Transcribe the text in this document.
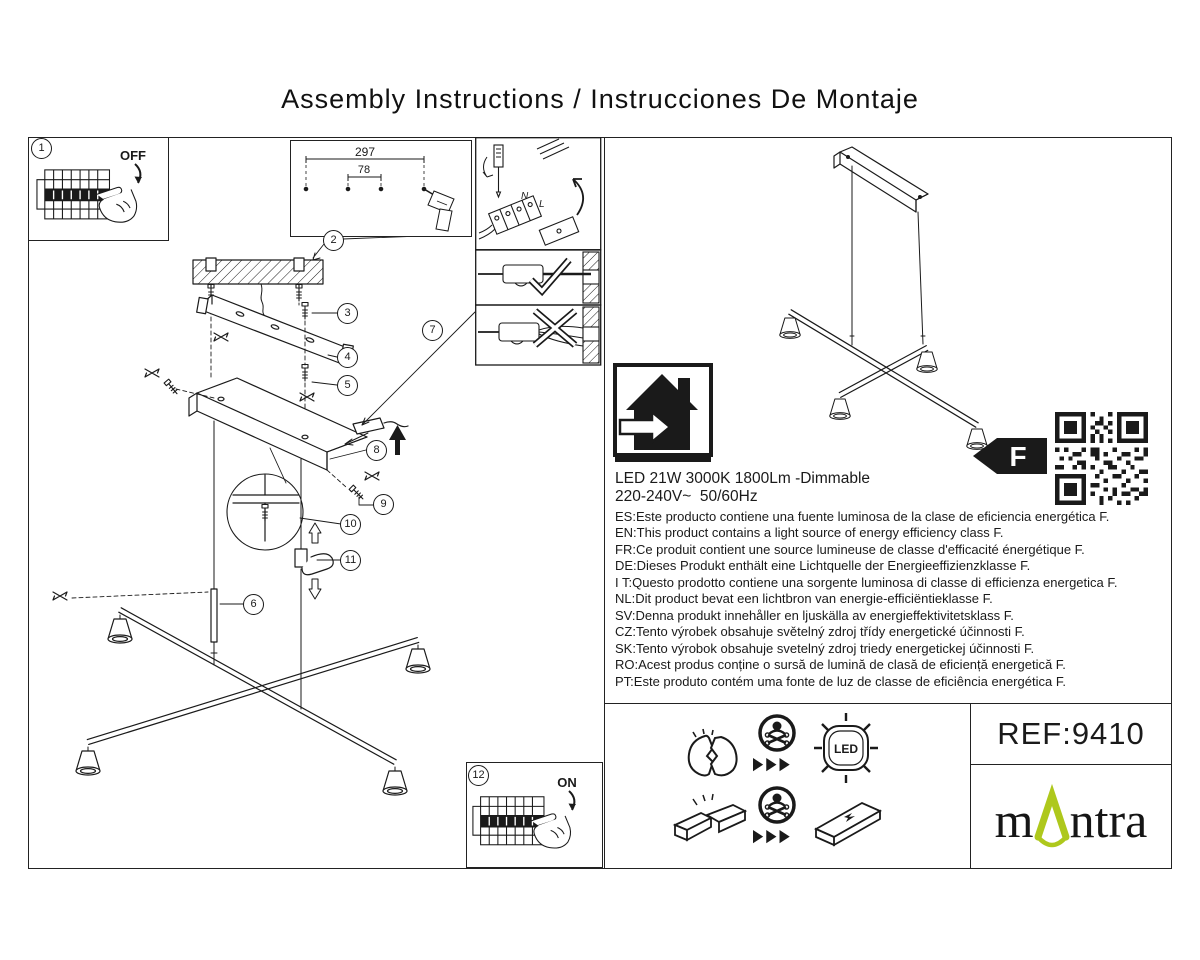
Assembly Instructions / Instrucciones De Montaje
1
2
3
4
5
6
7
8
9
10
11
12
OFF	297
78
N
L
ON
F
LED 21W 3000K 1800Lm -Dimmable
220-240V~  50/60Hz
ES:Este producto contiene una fuente luminosa de la clase de eficiencia energética F.
EN:This product contains a light source of energy efficiency class F.
FR:Ce produit contient une source lumineuse de classe d'efficacité énergétique F.
DE:Dieses Produkt enthält eine Lichtquelle der Energieeffizienzklasse F.
I T:Questo prodotto contiene una sorgente luminosa di classe di efficienza energetica F.
NL:Dit product bevat een lichtbron van energie-efficiëntieklasse F.
SV:Denna produkt innehåller en ljuskälla av energieffektivitetsklass F.
CZ:Tento výrobek obsahuje světelný zdroj třídy energetické účinnosti F.
SK:Tento výrobok obsahuje svetelný zdroj triedy energetickej účinnosti F.
RO:Acest produs conține o sursă de lumină de clasă de eficiență energetică F.
PT:Este produto contém uma fonte de luz de classe de eficiência energética F.
LED	REF:9410
m ntra
